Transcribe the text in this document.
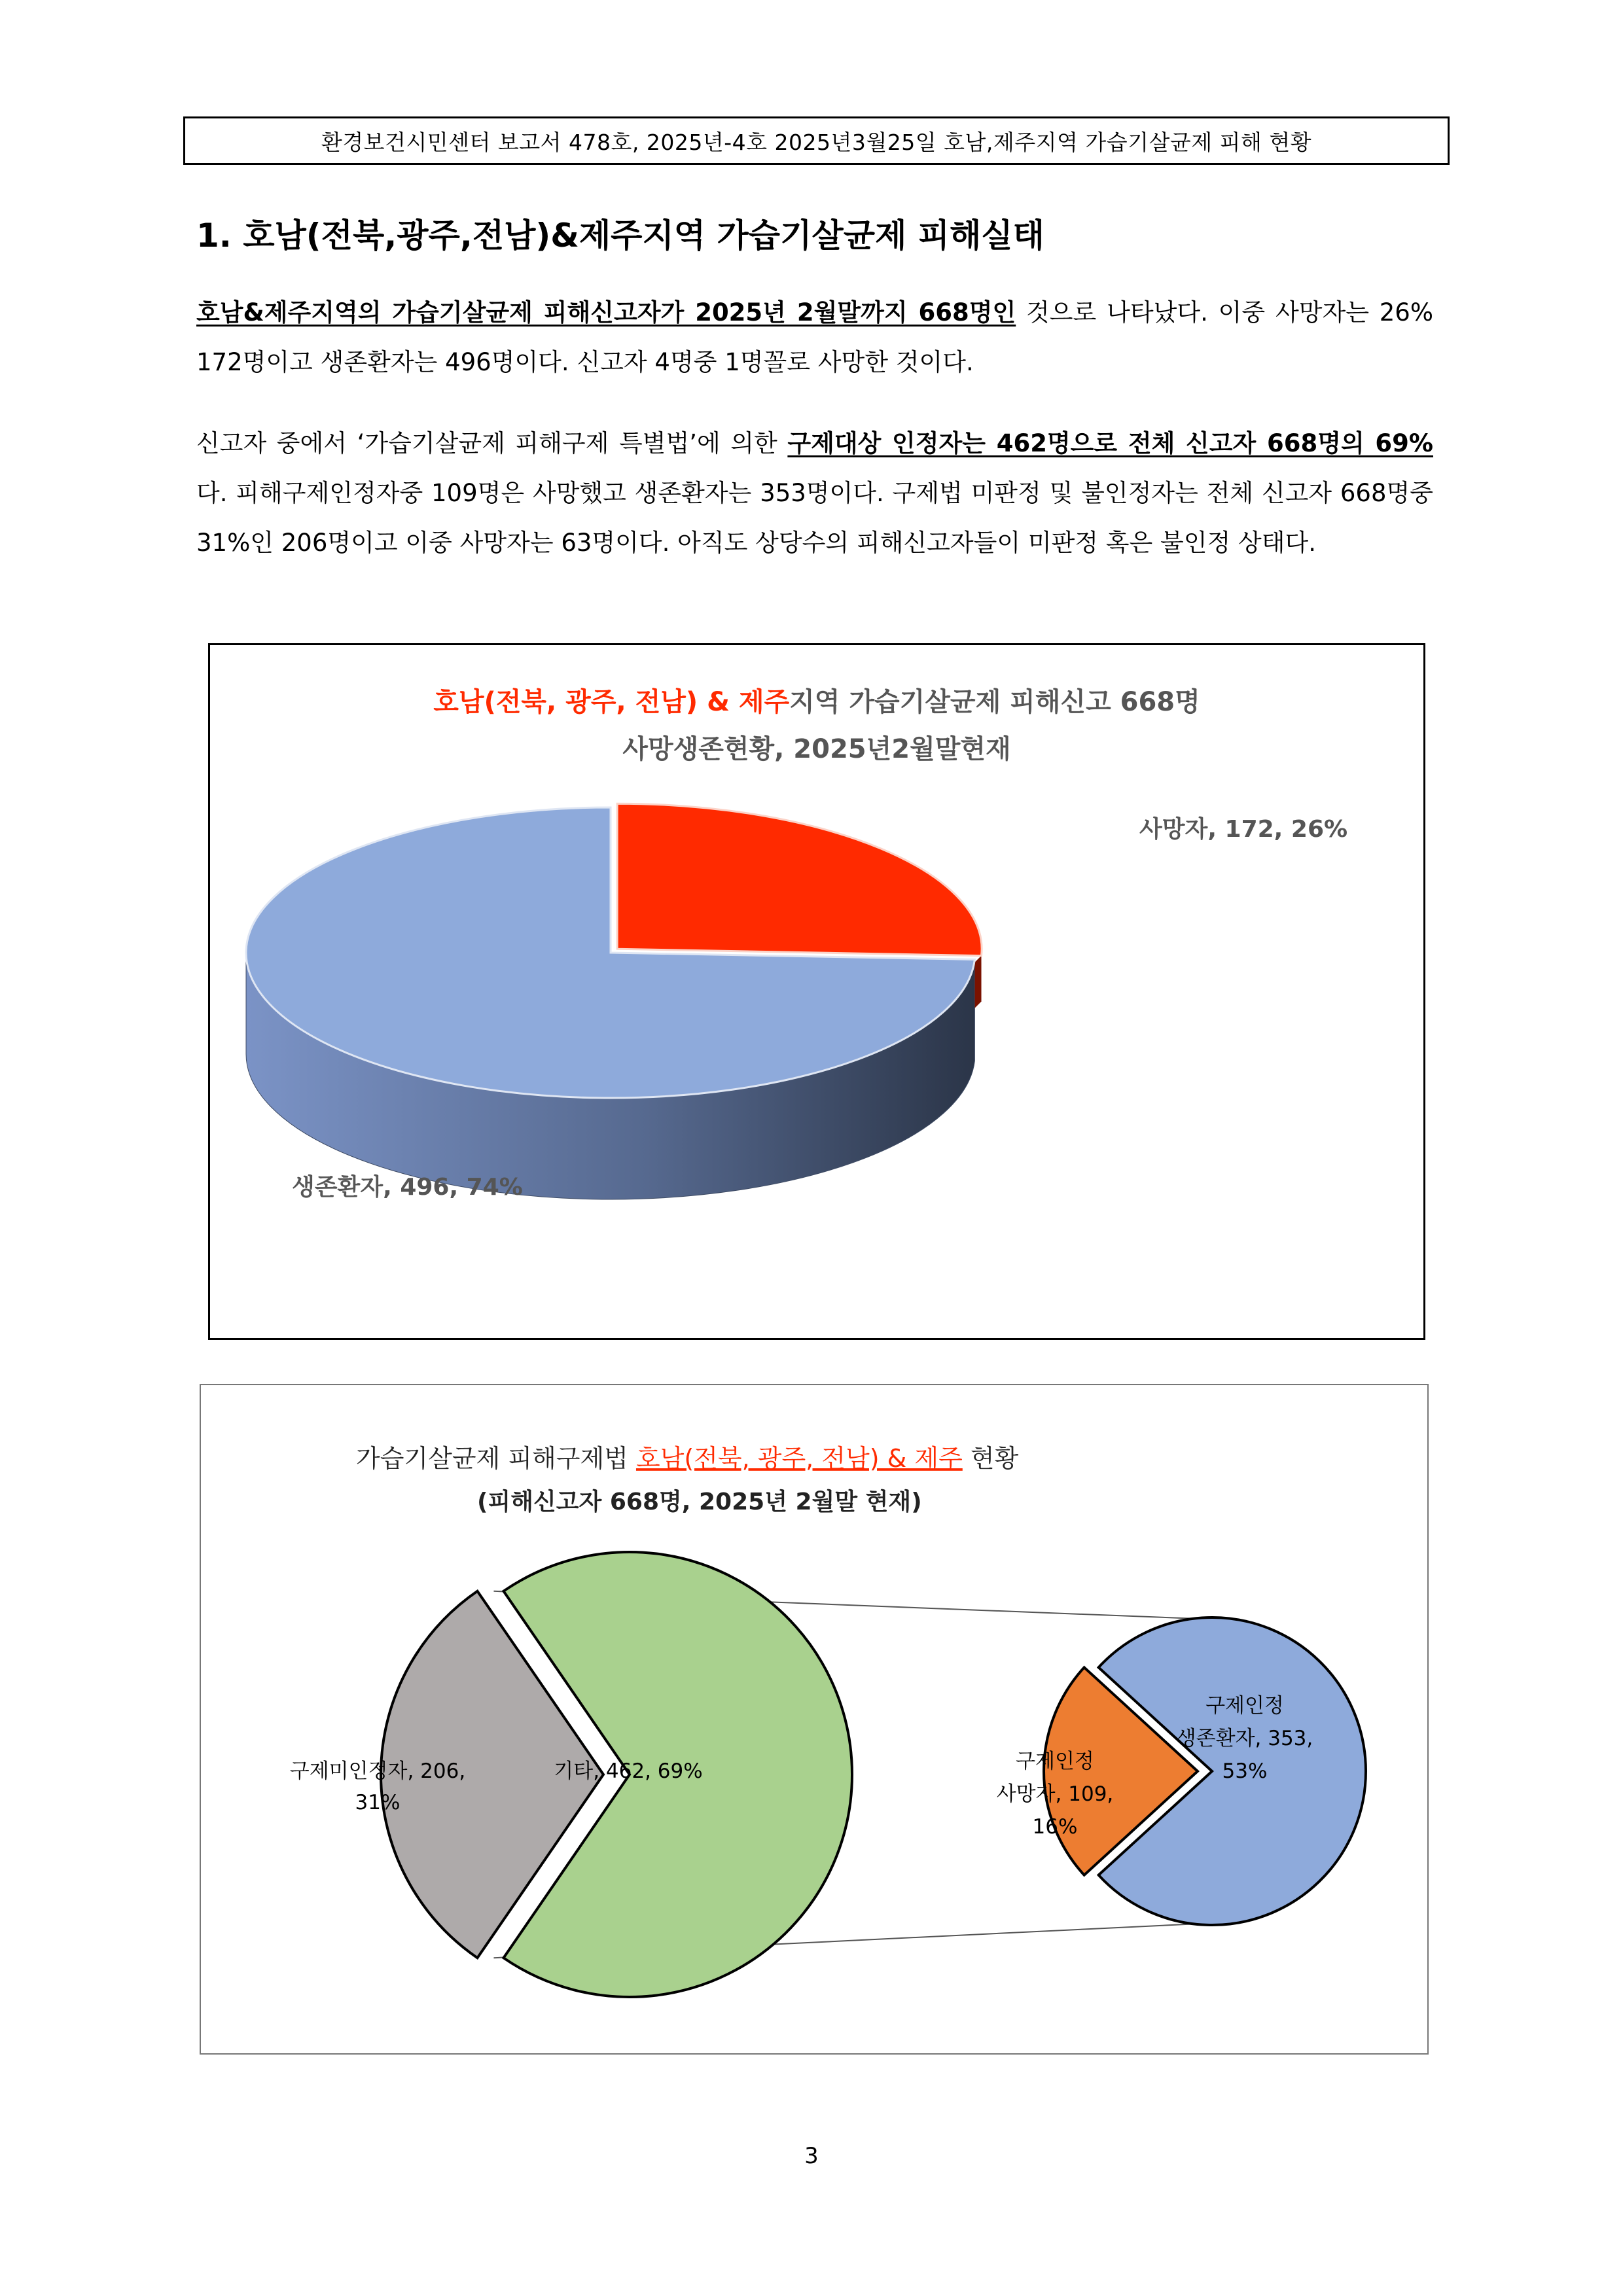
환경보건시민센터 보고서 478호, 2025년-4호 2025년3월25일 호남,제주지역 가습기살균제 피해 현황
1. 호남(전북,광주,전남)&제주지역 가습기살균제 피해실태
호남&제주지역의 가습기살균제 피해신고자가 2025년 2월말까지 668명인 것으로 나타났다. 이중 사망자는 26% 172명이고 생존환자는 496명이다. 신고자 4명중 1명꼴로 사망한 것이다.
신고자 중에서 ‘가습기살균제 피해구제 특별법’에 의한 구제대상 인정자는 462명으로 전체 신고자 668명의 69%다. 피해구제인정자중 109명은 사망했고 생존환자는 353명이다. 구제법 미판정 및 불인정자는 전체 신고자 668명중 31%인 206명이고 이중 사망자는 63명이다. 아직도 상당수의 피해신고자들이 미판정 혹은 불인정 상태다.
호남(전북, 광주, 전남) & 제주지역 가습기살균제 피해신고 668명
사망생존현황, 2025년2월말현재
사망자, 172, 26%
생존환자, 496, 74%
가습기살균제 피해구제법 호남(전북, 광주, 전남) & 제주 현황
(피해신고자 668명, 2025년 2월말 현재)
기타, 462, 69%
구제미인정자, 206,
31%
구제인정
생존환자, 353,
53%
구제인정
사망자, 109,
16%
3
